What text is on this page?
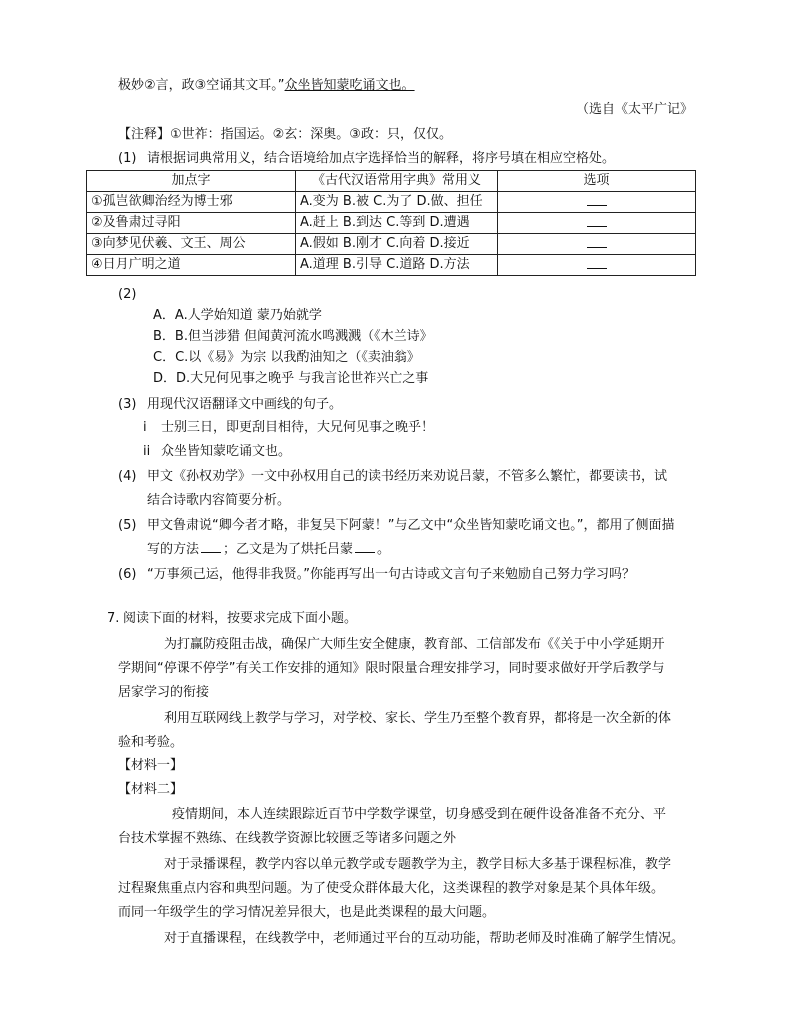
极妙②言，政③空诵其文耳。”众坐皆知蒙吃诵文也。
（选自《太平广记》
【注释】①世祚：指国运。②玄：深奥。③政：只，仅仅。
(1) 请根据词典常用义，结合语境给加点字选择恰当的解释，将序号填在相应空格处。
加点字	《古代汉语常用字典》常用义	选项
①孤岂欲卿治经为博士邪	A.变为 B.被 C.为了 D.做、担任	
②及鲁肃过寻阳	A.赶上 B.到达 C.等到 D.遭遇	
③向梦见伏羲、文王、周公	A.假如 B.刚才 C.向着 D.接近	
④日月广明之道	A.道理 B.引导 C.道路 D.方法	
(2)
A．A.人学始知道 蒙乃始就学
B．B.但当涉猎 但闻黄河流水鸣溅溅（《木兰诗》
C．C.以《易》为宗 以我酌油知之（《卖油翁》
D．D.大兄何见事之晚乎 与我言论世祚兴亡之事
(3) 用现代汉语翻译文中画线的句子。
i 士别三日，即更刮目相待，大兄何见事之晚乎！
ii 众坐皆知蒙吃诵文也。
(4) 甲文《孙权劝学》一文中孙权用自己的读书经历来劝说吕蒙，不管多么繁忙，都要读书，试
结合诗歌内容简要分析。
(5) 甲文鲁肃说“卿今者才略，非复吴下阿蒙！”与乙文中“众坐皆知蒙吃诵文也。”，都用了侧面描
写的方法 ；乙文是为了烘托吕蒙 。
(6) “万事须己运，他得非我贤。”你能再写出一句古诗或文言句子来勉励自己努力学习吗？
7. 阅读下面的材料，按要求完成下面小题。
为打赢防疫阻击战，确保广大师生安全健康，教育部、工信部发布《《关于中小学延期开
学期间“停课不停学”有关工作安排的通知》限时限量合理安排学习，同时要求做好开学后教学与
居家学习的衔接
利用互联网线上教学与学习，对学校、家长、学生乃至整个教育界，都将是一次全新的体
验和考验。
【材料一】
【材料二】
疫情期间，本人连续跟踪近百节中学数学课堂，切身感受到在硬件设备准备不充分、平
台技术掌握不熟练、在线教学资源比较匮乏等诸多问题之外
对于录播课程，教学内容以单元教学或专题教学为主，教学目标大多基于课程标准，教学
过程聚焦重点内容和典型问题。为了使受众群体最大化，这类课程的教学对象是某个具体年级。
而同一年级学生的学习情况差异很大，也是此类课程的最大问题。
对于直播课程，在线教学中，老师通过平台的互动功能，帮助老师及时准确了解学生情况。
